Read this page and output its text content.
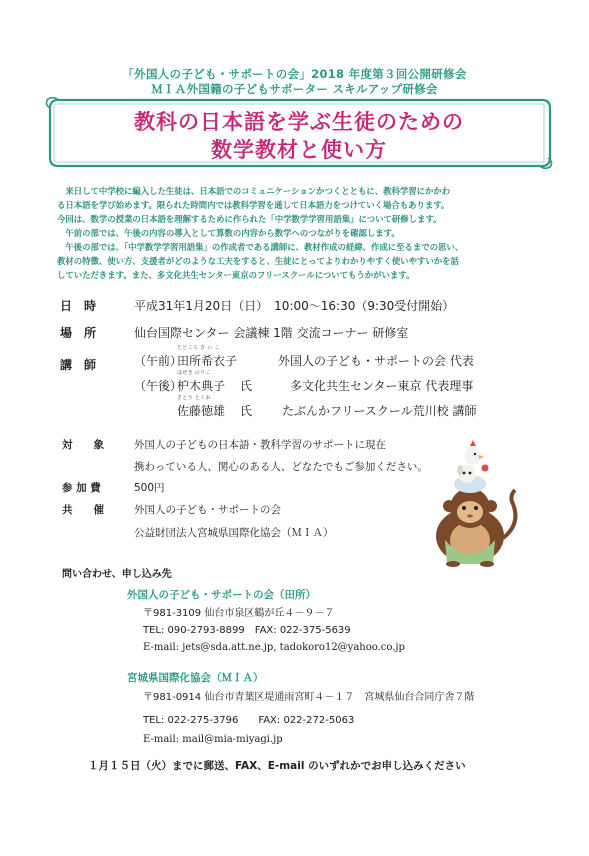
「外国人の子ども・サポートの会」2018 年度第３回公開研修会
ＭＩＡ外国籍の子どもサポーター スキルアップ研修会
教科の日本語を学ぶ生徒のための
数学教材と使い方

　来日して中学校に編入した生徒は、日本語でのコミュニケーションかつくとともに、教科学習にかかわ

る日本語を学び始めます。限られた時間内では教科学習を通して日本語力をつけていく場合もあります。

今回は、数学の授業の日本語を理解するために作られた「中学数学学習用語集」について研修します。

　午前の部では、午後の内容の導入として算数の内容から数学へのつながりを確認します。

　午後の部では、「中学数学学習用語集」の作成者である講師に、教材作成の経緯、作成に至るまでの思い、

教材の特徴、使い方、支援者がどのような工夫をすると、生徒にとってよりわかりやすく使いやすいかを話

していただきます。また、多文化共生センター東京のフリースクールについてもうかがいます。

日　時	平成31年1月20日（日）　10:00〜16:30（9:30受付開始）
場　所	仙台国際センター 会議棟 1階 交流コーナー 研修室
講　師
たどころ き い こ
（午前）
田所希衣子	外国人の子ども・サポートの会 代表
はぜき のりこ
（午後）
枦木典子 氏	多文化共生センター東京 代表理事
さとう とくお
佐藤徳雄 氏 たぶんかフリースクール荒川校 講師
対　　象	外国人の子どもの日本語・教科学習のサポートに現在
携わっている人、関心のある人、どなたでもご参加ください。
参 加 費	500円
共　　催	外国人の子ども・サポートの会
公益財団法人宮城県国際化協会（ＭＩＡ）
問い合わせ、申し込み先
外国人の子ども・サポートの会（田所）
〒981-3109 仙台市泉区鶴が丘４－９－７
TEL: 090-2793-8899　FAX: 022-375-5639
E-mail: jets@sda.att.ne.jp, tadokoro12@yahoo.co.jp
宮城県国際化協会（ＭＩＡ）
〒981-0914 仙台市青葉区堤通雨宮町４－１７　宮城県仙台合同庁舎７階
TEL: 022-275-3796　　FAX: 022-272-5063
E-mail: mail@mia-miyagi.jp
１月１５日（火）までに郵送、FAX、E-mail のいずれかでお申し込みください
